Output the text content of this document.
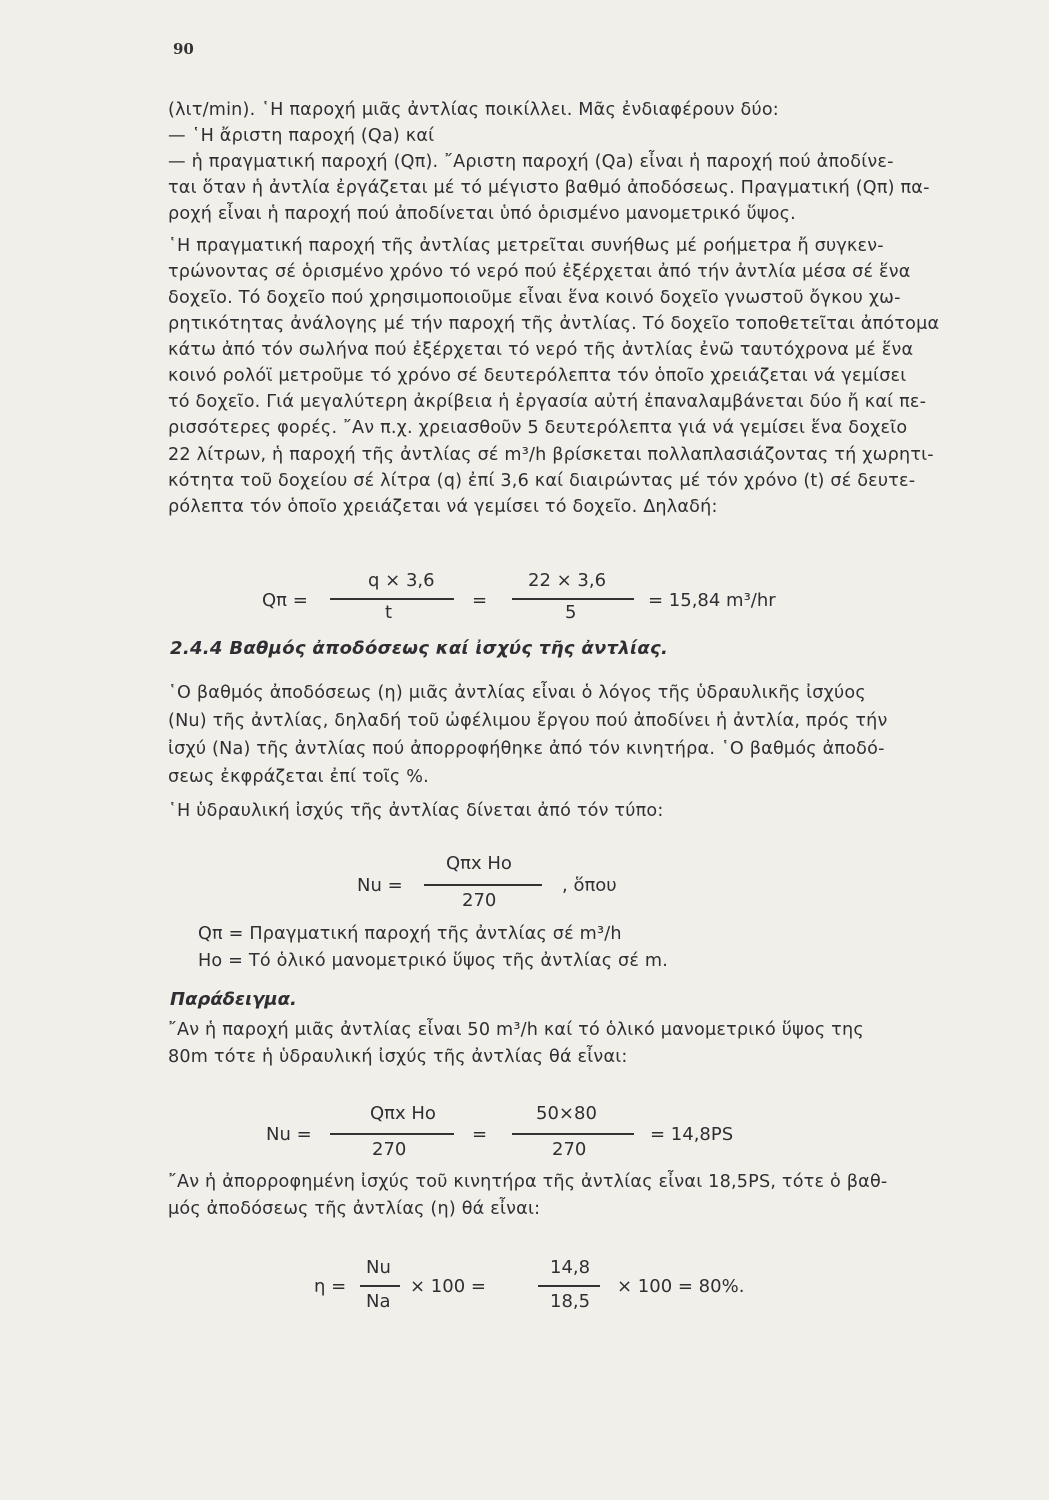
90
(λιτ/min). ῾Η παροχή μιᾶς ἀντλίας ποικίλλει. Μᾶς ἐνδιαφέρουν δύο:
— ῾Η ἄριστη παροχή (Qa) καί
— ἡ πραγματική παροχή (Qπ). ῎Αριστη παροχή (Qa) εἶναι ἡ παροχή πού ἀποδίνε-
ται ὅταν ἡ ἀντλία ἐργάζεται μέ τό μέγιστο βαθμό ἀποδόσεως. Πραγματική (Qπ) πα-
ροχή εἶναι ἡ παροχή πού ἀποδίνεται ὑπό ὁρισμένο μανομετρικό ὕψος.
῾Η πραγματική παροχή τῆς ἀντλίας μετρεῖται συνήθως μέ ροήμετρα ἤ συγκεν-
τρώνοντας σέ ὁρισμένο χρόνο τό νερό πού ἐξέρχεται ἀπό τήν ἀντλία μέσα σέ ἕνα
δοχεῖο. Τό δοχεῖο πού χρησιμοποιοῦμε εἶναι ἕνα κοινό δοχεῖο γνωστοῦ ὄγκου χω-
ρητικότητας ἀνάλογης μέ τήν παροχή τῆς ἀντλίας. Τό δοχεῖο τοποθετεῖται ἀπότομα
κάτω ἀπό τόν σωλήνα πού ἐξέρχεται τό νερό τῆς ἀντλίας ἐνῶ ταυτόχρονα μέ ἕνα
κοινό ρολόϊ μετροῦμε τό χρόνο σέ δευτερόλεπτα τόν ὁποῖο χρειάζεται νά γεμίσει
τό δοχεῖο. Γιά μεγαλύτερη ἀκρίβεια ἡ ἐργασία αὐτή ἐπαναλαμβάνεται δύο ἤ καί πε-
ρισσότερες φορές. ῎Αν π.χ. χρειασθοῦν 5 δευτερόλεπτα γιά νά γεμίσει ἕνα δοχεῖο
22 λίτρων, ἡ παροχή τῆς ἀντλίας σέ m³/h βρίσκεται πολλαπλασιάζοντας τή χωρητι-
κότητα τοῦ δοχείου σέ λίτρα (q) ἐπί 3,6 καί διαιρώντας μέ τόν χρόνο (t) σέ δευτε-
ρόλεπτα τόν ὁποῖο χρειάζεται νά γεμίσει τό δοχεῖο. Δηλαδή:
Qπ =
q × 3,6
t
=
22 × 3,6
5
= 15,84 m³/hr
2.4.4 Βαθμός ἀποδόσεως καί ἰσχύς τῆς ἀντλίας.
῾Ο βαθμός ἀποδόσεως (η) μιᾶς ἀντλίας εἶναι ὁ λόγος τῆς ὑδραυλικῆς ἰσχύος
(Nu) τῆς ἀντλίας, δηλαδή τοῦ ὠφέλιμου ἔργου πού ἀποδίνει ἡ ἀντλία, πρός τήν
ἰσχύ (Na) τῆς ἀντλίας πού ἀπορροφήθηκε ἀπό τόν κινητήρα. ῾Ο βαθμός ἀποδό-
σεως ἐκφράζεται ἐπί τοῖς %.
῾Η ὑδραυλική ἰσχύς τῆς ἀντλίας δίνεται ἀπό τόν τύπο:
Nu =
Qπx Ho
270
, ὅπου
Qπ = Πραγματική παροχή τῆς ἀντλίας σέ m³/h
Ho = Τό ὁλικό μανομετρικό ὕψος τῆς ἀντλίας σέ m.
Παράδειγμα.
῎Αν ἡ παροχή μιᾶς ἀντλίας εἶναι 50 m³/h καί τό ὁλικό μανομετρικό ὕψος της
80m τότε ἡ ὑδραυλική ἰσχύς τῆς ἀντλίας θά εἶναι:
Nu =
Qπx Ho
270
=
50×80
270
= 14,8PS
῎Αν ἡ ἀπορροφημένη ἰσχύς τοῦ κινητήρα τῆς ἀντλίας εἶναι 18,5PS, τότε ὁ βαθ-
μός ἀποδόσεως τῆς ἀντλίας (η) θά εἶναι:
η =
Nu
Na
× 100 =
14,8
18,5
× 100 = 80%.
